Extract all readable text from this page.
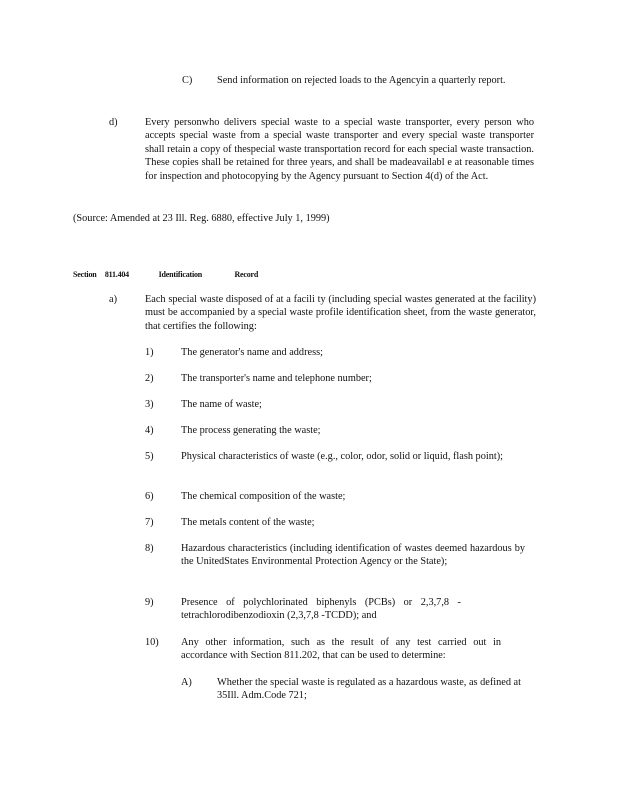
C) Send information on rejected loads to the Agencyin a quarterly report.
d)	Every personwho delivers special waste to a special waste transporter, every person who accepts special waste from a special waste transporter and every special waste transporter shall retain a copy of thespecial waste transportation record for each special waste transaction. These copies shall be retained for three years, and shall be madeavailabl e at reasonable times for inspection and photocopying by the Agency pursuant to Section 4(d) of the Act.
(Source: Amended at 23 Ill. Reg. 6880, effective July 1, 1999)
Section 811.404	Identification	Record
a)	Each special waste disposed of at a facili ty (including special wastes generated at the facility) must be accompanied by a special waste profile identification sheet, from the waste generator, that certifies the following:
1)	The generator's name and address;
2)	The transporter's name and telephone number;
3)	The name of waste;
4)	The process generating the waste;
5)	Physical characteristics of waste (e.g., color, odor, solid or liquid, flash point);
6)	The chemical composition of the waste;
7)	The metals content of the waste;
8)	Hazardous characteristics (including identification of wastes deemed hazardous by the UnitedStates Environmental Protection Agency or the State);
9)	Presence of polychlorinated biphenyls (PCBs) or 2,3,7,8 - tetrachlorodibenzodioxin (2,3,7,8 -TCDD); and
10) Any other information, such as the result of any test carried out in accordance with Section 811.202, that can be used to determine:
A) Whether the special waste is regulated as a hazardous waste, as defined at 35Ill. Adm.Code 721;
